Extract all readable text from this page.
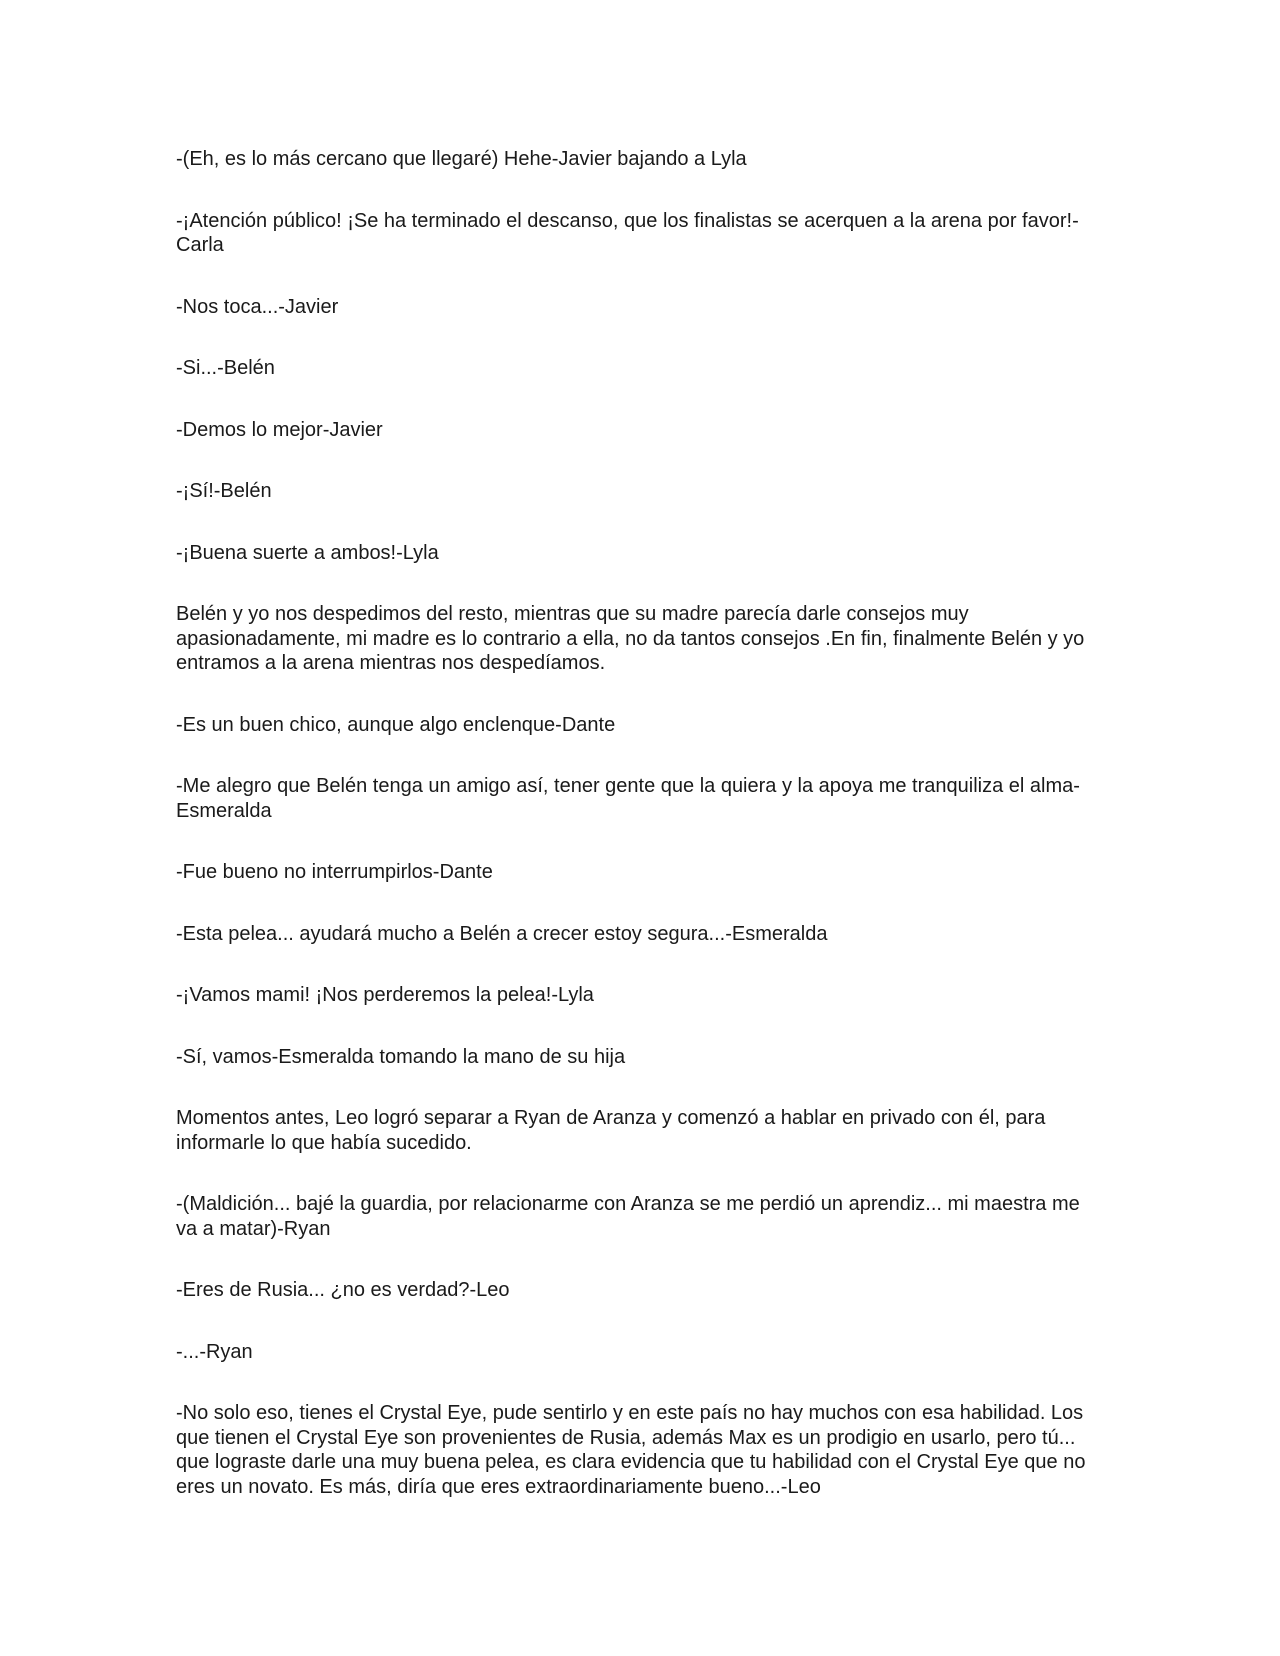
-(Eh, es lo más cercano que llegaré) Hehe-Javier bajando a Lyla

-¡Atención público! ¡Se ha terminado el descanso, que los finalistas se acerquen a la arena por favor!-Carla

-Nos toca...-Javier

-Si...-Belén

-Demos lo mejor-Javier

-¡Sí!-Belén

-¡Buena suerte a ambos!-Lyla

Belén y yo nos despedimos del resto, mientras que su madre parecía darle consejos muy apasionadamente, mi madre es lo contrario a ella, no da tantos consejos .En fin, finalmente Belén y yo entramos a la arena mientras nos despedíamos.

-Es un buen chico, aunque algo enclenque-Dante

-Me alegro que Belén tenga un amigo así, tener gente que la quiera y la apoya me tranquiliza el alma-Esmeralda

-Fue bueno no interrumpirlos-Dante

-Esta pelea... ayudará mucho a Belén a crecer estoy segura...-Esmeralda

-¡Vamos mami! ¡Nos perderemos la pelea!-Lyla

-Sí, vamos-Esmeralda tomando la mano de su hija

Momentos antes, Leo logró separar a Ryan de Aranza y comenzó a hablar en privado con él, para informarle lo que había sucedido.

-(Maldición... bajé la guardia, por relacionarme con Aranza se me perdió un aprendiz... mi maestra me va a matar)-Ryan

-Eres de Rusia... ¿no es verdad?-Leo

-...-Ryan

-No solo eso, tienes el Crystal Eye, pude sentirlo y en este país no hay muchos con esa habilidad. Los que tienen el Crystal Eye son provenientes de Rusia, además Max es un prodigio en usarlo, pero tú... que lograste darle una muy buena pelea, es clara evidencia que tu habilidad con el Crystal Eye que no eres un novato. Es más, diría que eres extraordinariamente bueno...-Leo
